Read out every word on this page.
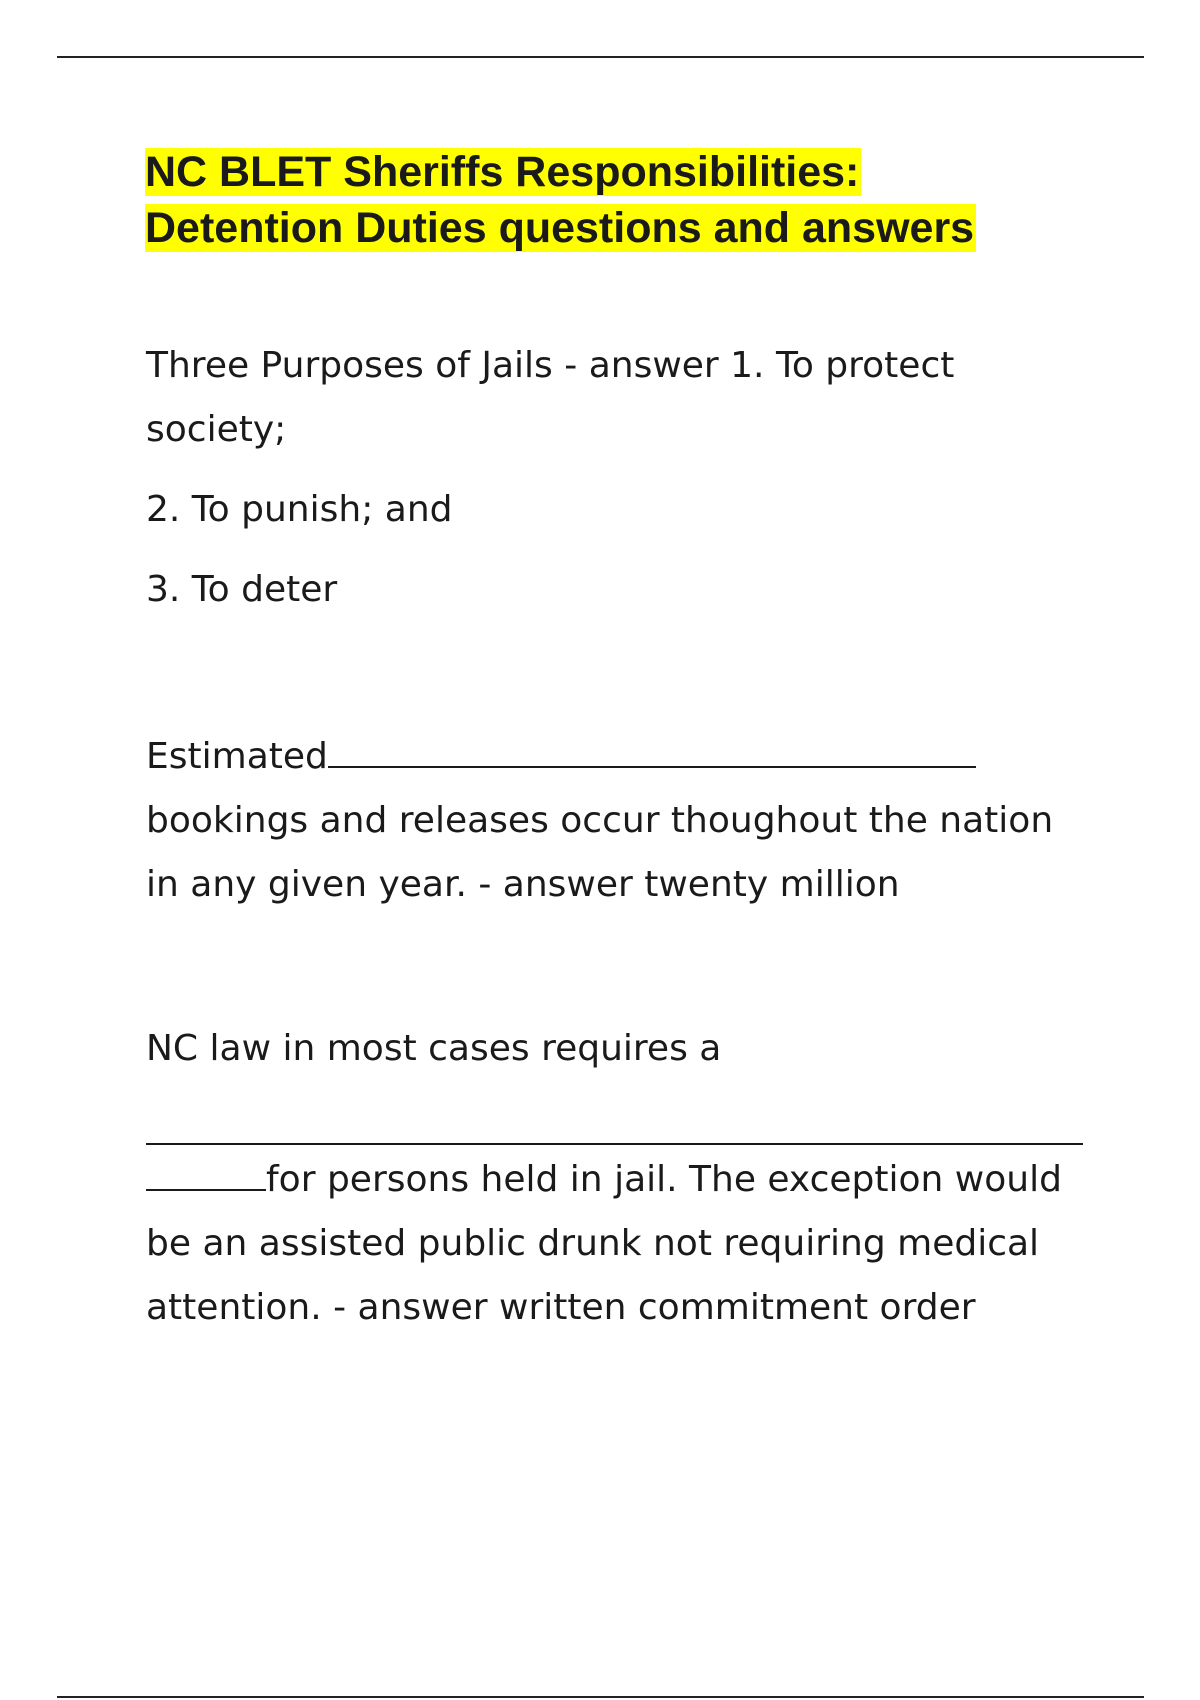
NC BLET Sheriffs Responsibilities:
Detention Duties questions and answers

Three Purposes of Jails - answer 1. To protect society;

2. To punish; and

3. To deter

Estimated bookings and releases occur thoughout the nation in any given year. - answer twenty million

NC law in most cases requires a
for persons held in jail. The exception would be an assisted public drunk not requiring medical attention. - answer written commitment order
